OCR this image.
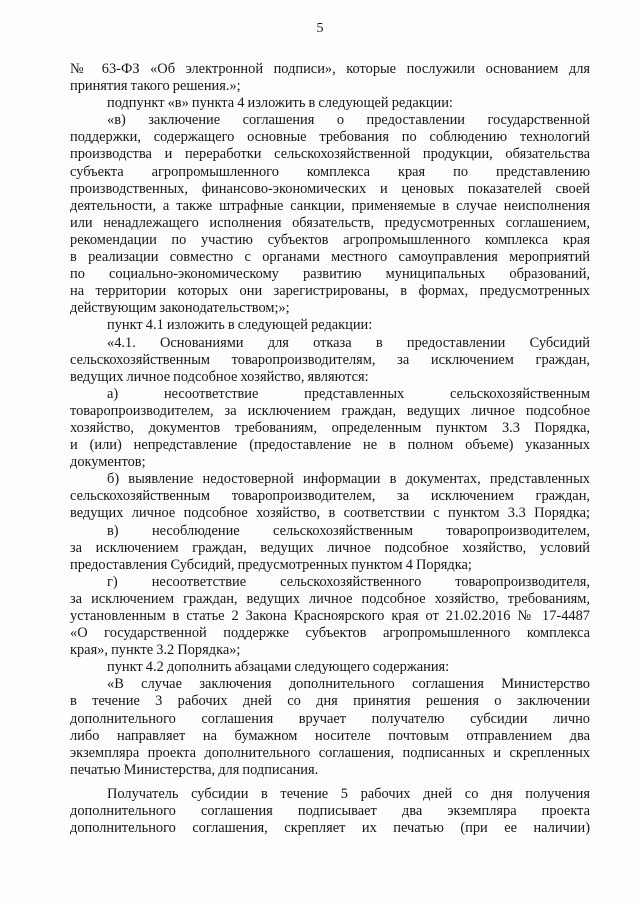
5

№ 63-ФЗ «Об электронной подписи», которые послужили основанием для

принятия такого решения.»;

подпункт «в» пункта 4 изложить в следующей редакции:

«в) заключение соглашения о предоставлении государственной

поддержки, содержащего основные требования по соблюдению технологий

производства и переработки сельскохозяйственной продукции, обязательства

субъекта агропромышленного комплекса края по представлению

производственных, финансово-экономических и ценовых показателей своей

деятельности, а также штрафные санкции, применяемые в случае неисполнения

или ненадлежащего исполнения обязательств, предусмотренных соглашением,

рекомендации по участию субъектов агропромышленного комплекса края

в реализации совместно с органами местного самоуправления мероприятий

по социально-экономическому развитию муниципальных образований,

на территории которых они зарегистрированы, в формах, предусмотренных

действующим законодательством;»;

пункт 4.1 изложить в следующей редакции:

«4.1. Основаниями для отказа в предоставлении Субсидий

сельскохозяйственным товаропроизводителям, за исключением граждан,

ведущих личное подсобное хозяйство, являются:

а) несоответствие представленных сельскохозяйственным

товаропроизводителем, за исключением граждан, ведущих личное подсобное

хозяйство, документов требованиям, определенным пунктом 3.3 Порядка,

и (или) непредставление (предоставление не в полном объеме) указанных

документов;

б) выявление недостоверной информации в документах, представленных

сельскохозяйственным товаропроизводителем, за исключением граждан,

ведущих личное подсобное хозяйство, в соответствии с пунктом 3.3 Порядка;

в) несоблюдение сельскохозяйственным товаропроизводителем,

за исключением граждан, ведущих личное подсобное хозяйство, условий

предоставления Субсидий, предусмотренных пунктом 4 Порядка;

г) несоответствие сельскохозяйственного товаропроизводителя,

за исключением граждан, ведущих личное подсобное хозяйство, требованиям,

установленным в статье 2 Закона Красноярского края от 21.02.2016 № 17-4487

«О государственной поддержке субъектов агропромышленного комплекса

края», пункте 3.2 Порядка»;

пункт 4.2 дополнить абзацами следующего содержания:

«В случае заключения дополнительного соглашения Министерство

в течение 3 рабочих дней со дня принятия решения о заключении

дополнительного соглашения вручает получателю субсидии лично

либо направляет на бумажном носителе почтовым отправлением два

экземпляра проекта дополнительного соглашения, подписанных и скрепленных

печатью Министерства, для подписания.

Получатель субсидии в течение 5 рабочих дней со дня получения

дополнительного соглашения подписывает два экземпляра проекта

дополнительного соглашения, скрепляет их печатью (при ее наличии)
